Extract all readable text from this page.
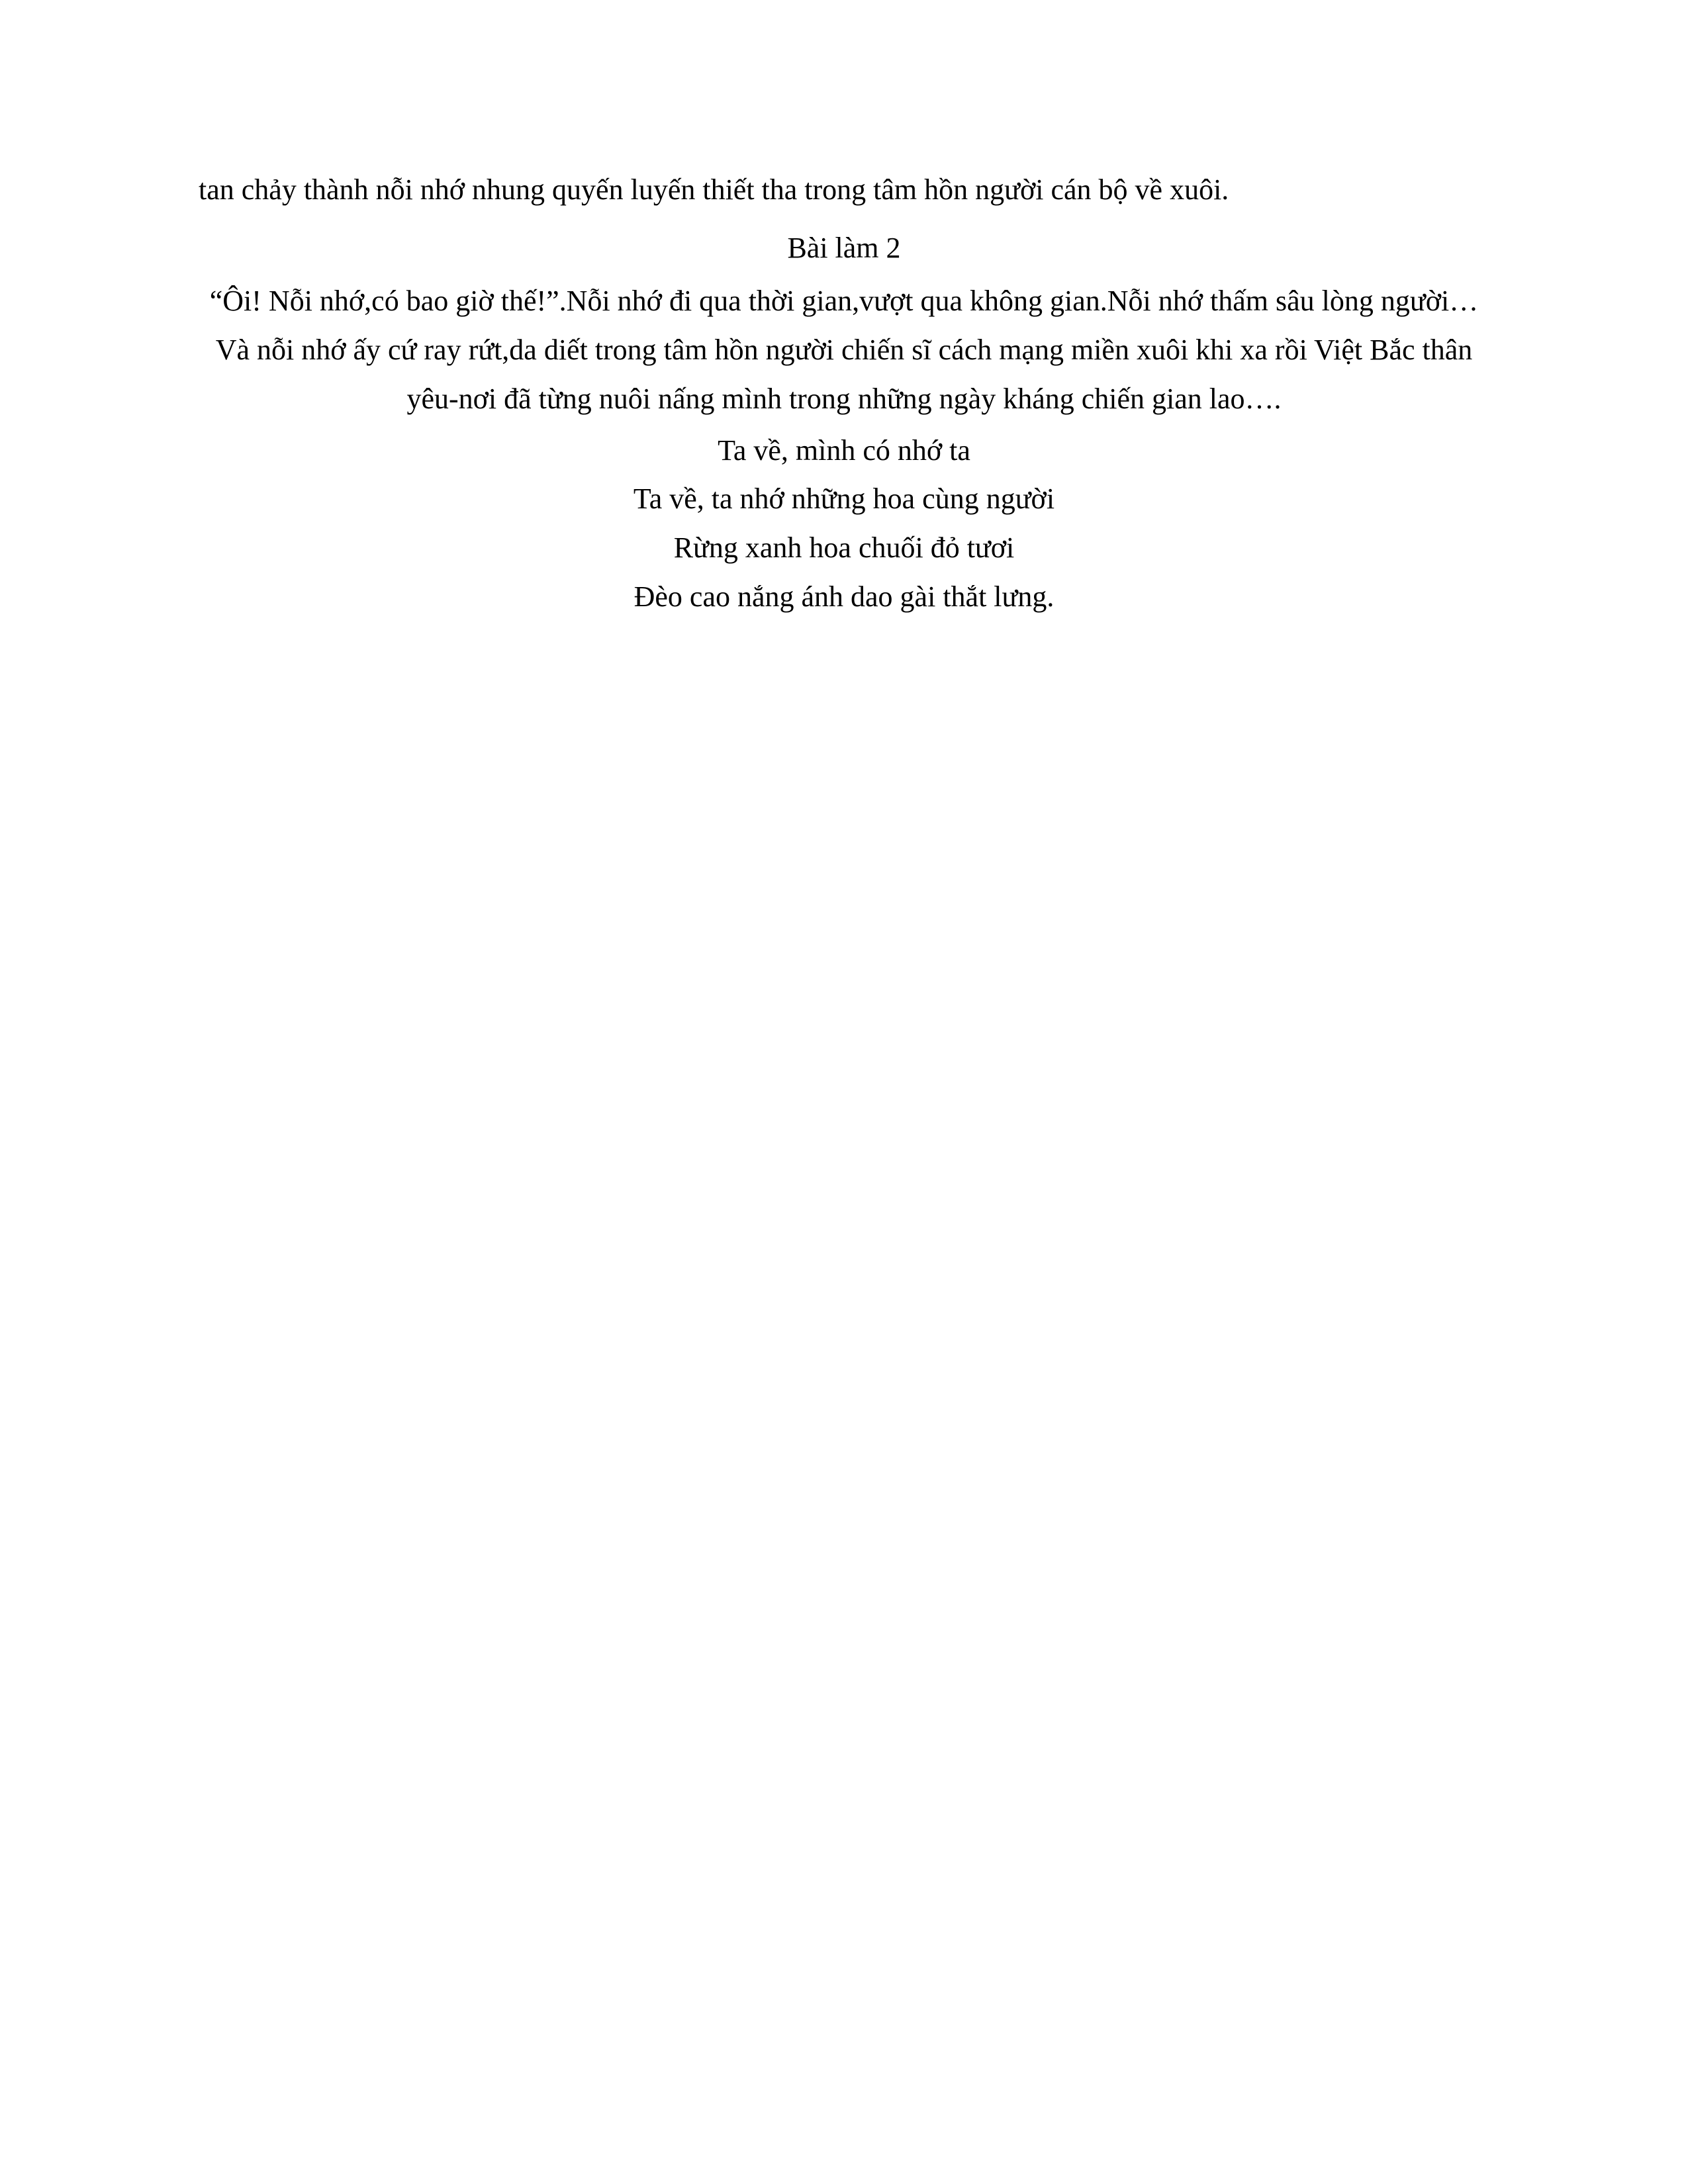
tan chảy thành nỗi nhớ nhung quyến luyến thiết tha trong tâm hồn người cán bộ về xuôi.

Bài làm 2

“Ôi! Nỗi nhớ,có bao giờ thế!”.Nỗi nhớ đi qua thời gian,vượt qua không gian.Nỗi nhớ thấm sâu lòng người…Và nỗi nhớ ấy cứ ray rứt,da diết trong tâm hồn người chiến sĩ cách mạng miền xuôi khi xa rồi Việt Bắc thân yêu-nơi đã từng nuôi nấng mình trong những ngày kháng chiến gian lao….

Ta về, mình có nhớ ta

Ta về, ta nhớ những hoa cùng người

Rừng xanh hoa chuối đỏ tươi

Đèo cao nắng ánh dao gài thắt lưng.
